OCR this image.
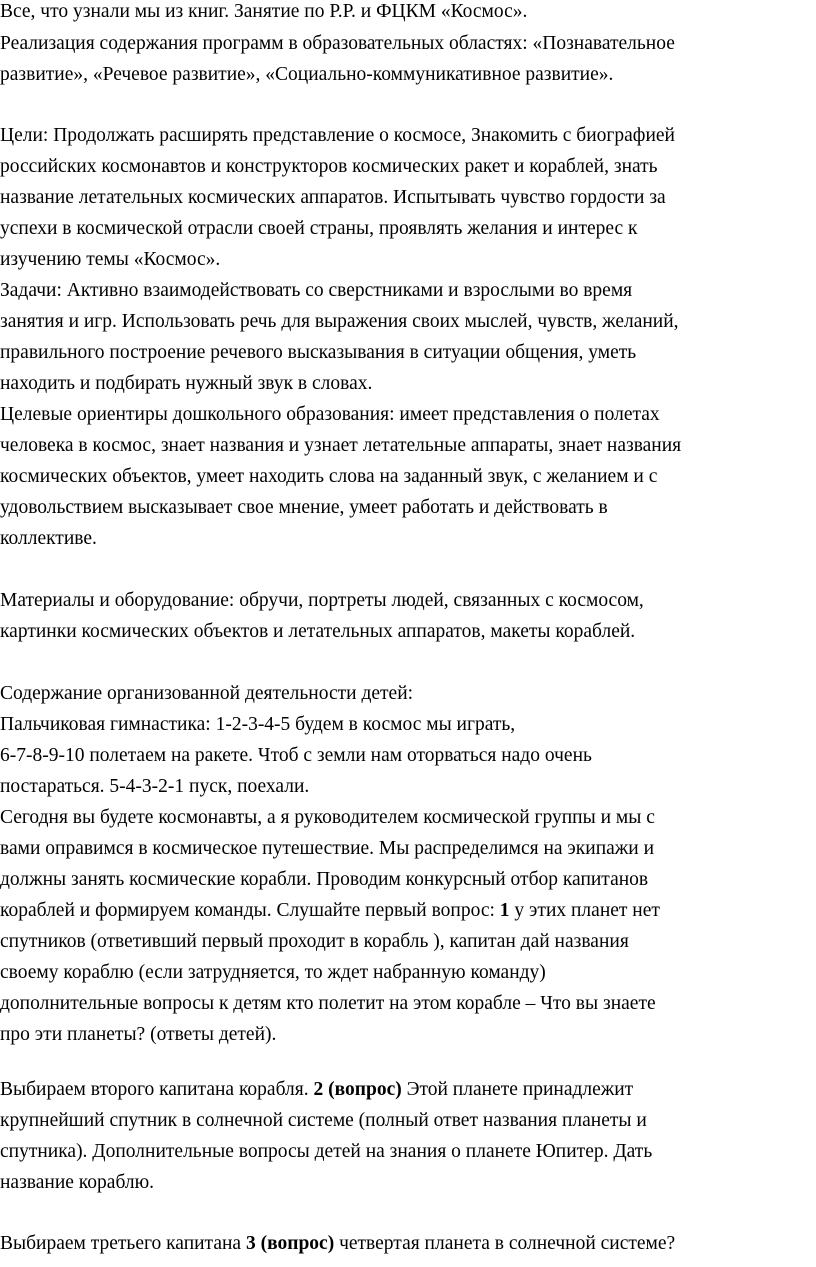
Все, что узнали мы из книг. Занятие по Р.Р. и ФЦКМ «Космос».

Реализация содержания программ в образовательных областях: «Познавательное

развитие», «Речевое развитие», «Социально-коммуникативное развитие».

Цели: Продолжать расширять представление о космосе, Знакомить с биографией

российских космонавтов и конструкторов космических ракет и кораблей, знать

название летательных космических аппаратов. Испытывать чувство гордости за

успехи в космической отрасли своей страны, проявлять желания и интерес к

изучению темы «Космос».

Задачи: Активно взаимодействовать со сверстниками и взрослыми во время

занятия и игр. Использовать речь для выражения своих мыслей, чувств, желаний,

правильного построение речевого высказывания в ситуации общения, уметь

находить и подбирать нужный звук в словах.

Целевые ориентиры дошкольного образования: имеет представления о полетах

человека в космос, знает названия и узнает летательные аппараты, знает названия

космических объектов, умеет находить слова на заданный звук, с желанием и с

удовольствием высказывает свое мнение, умеет работать и действовать в

коллективе.

Материалы и оборудование: обручи, портреты людей, связанных с космосом,

картинки космических объектов и летательных аппаратов, макеты кораблей.

Содержание организованной деятельности детей:

Пальчиковая гимнастика: 1-2-3-4-5 будем в космос мы играть,

6-7-8-9-10 полетаем на ракете. Чтоб с земли нам оторваться надо очень

постараться. 5-4-3-2-1 пуск, поехали.

Сегодня вы будете космонавты, а я руководителем космической группы и мы с

вами оправимся в космическое путешествие. Мы распределимся на экипажи и

должны занять космические корабли. Проводим конкурсный отбор капитанов

кораблей и формируем команды. Слушайте первый вопрос: 1 у этих планет нет

спутников (ответивший первый проходит в корабль ), капитан дай названия

своему кораблю (если затрудняется, то ждет набранную команду)

дополнительные вопросы к детям кто полетит на этом корабле – Что вы знаете

про эти планеты? (ответы детей).

Выбираем второго капитана корабля. 2 (вопрос) Этой планете принадлежит

крупнейший спутник в солнечной системе (полный ответ названия планеты и

спутника). Дополнительные вопросы детей на знания о планете Юпитер. Дать

название кораблю.

Выбираем третьего капитана 3 (вопрос) четвертая планета в солнечной системе?
